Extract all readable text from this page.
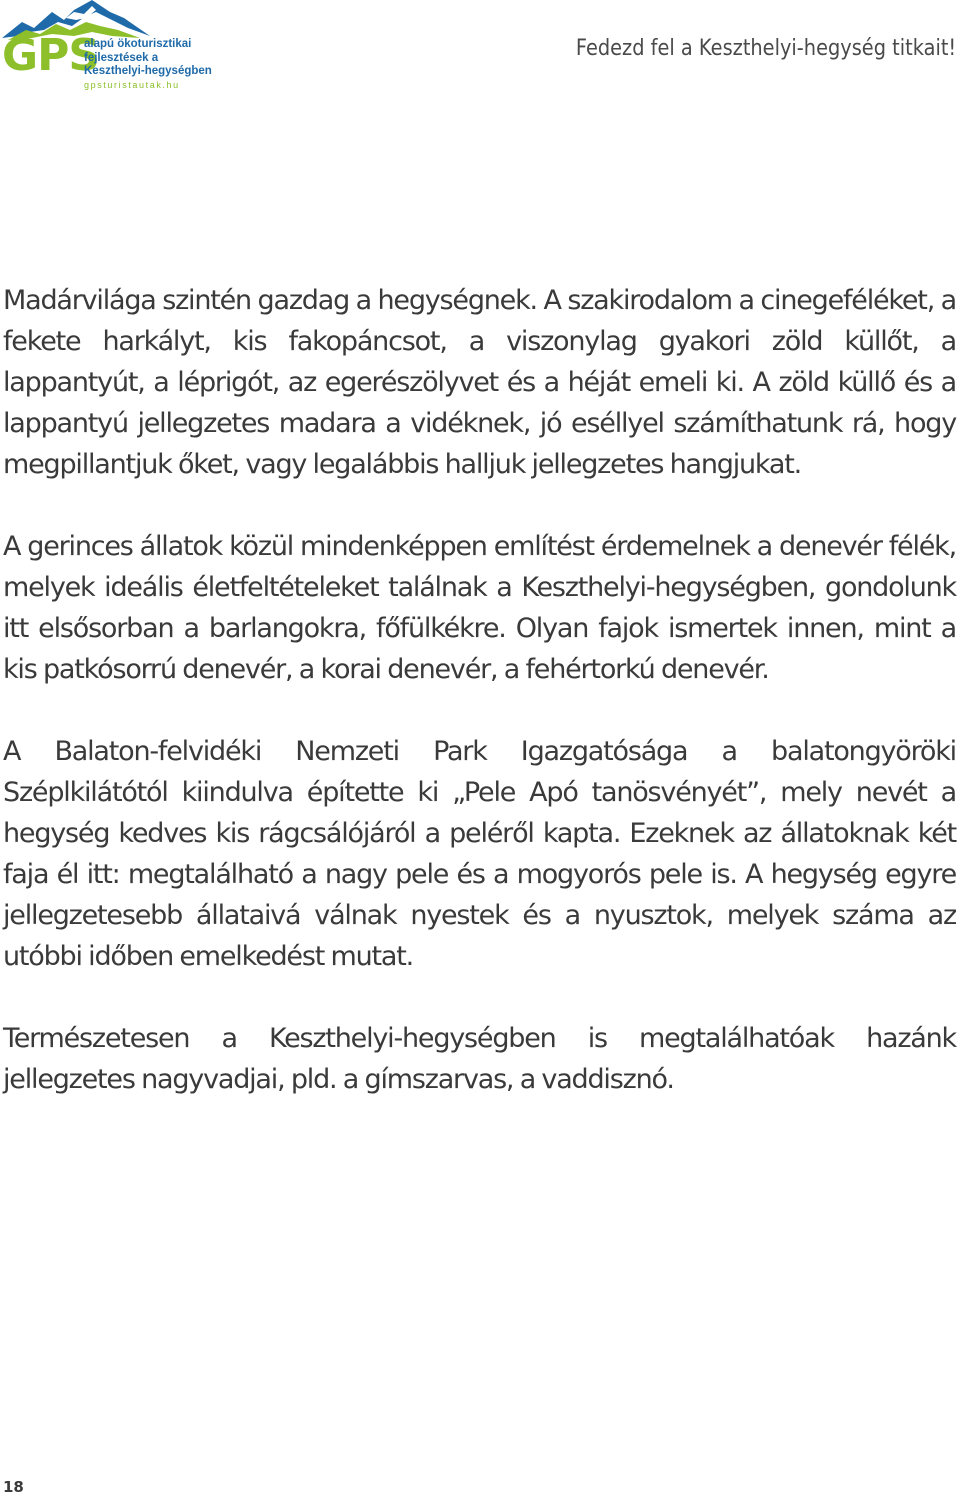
GPS
alapú ökoturisztikai
fejlesztések a
Keszthelyi-hegységben
gpsturistautak.hu
Fedezd fel a Keszthelyi-hegység titkait!

Madárvilága szintén gazdag a hegységnek. A szakirodalom a cinegeféléket, a fekete harkályt, kis fakopáncsot, a viszonylag gyakori zöld küllőt, a lappantyút, a léprigót, az egerészölyvet és a héját emeli ki. A zöld küllő és a lappantyú jellegzetes madara a vidéknek, jó eséllyel számíthatunk rá, hogy megpillantjuk őket, vagy legalábbis halljuk jellegzetes hangjukat.

A gerinces állatok közül mindenképpen említést érdemelnek a denevér félék, melyek ideális életfeltételeket találnak a Keszthelyi-hegységben, gondolunk itt elsősorban a barlangokra, főfülkékre. Olyan fajok ismertek innen, mint a kis patkósorrú denevér, a korai denevér, a fehértorkú denevér.

A Balaton-felvidéki Nemzeti Park Igazgatósága a balatongyöröki Széplkilátótól kiindulva építette ki „Pele Apó tanösvényét”, mely nevét a hegység kedves kis rágcsálójáról a peléről kapta. Ezeknek az állatoknak két faja él itt: megtalálható a nagy pele és a mogyorós pele is. A hegység egyre jellegzetesebb állataivá válnak nyestek és a nyusztok, melyek száma az utóbbi időben emelkedést mutat.

Természetesen a Keszthelyi-hegységben is megtalálhatóak hazánk jellegzetes nagyvadjai, pld. a gímszarvas, a vaddisznó.

18
